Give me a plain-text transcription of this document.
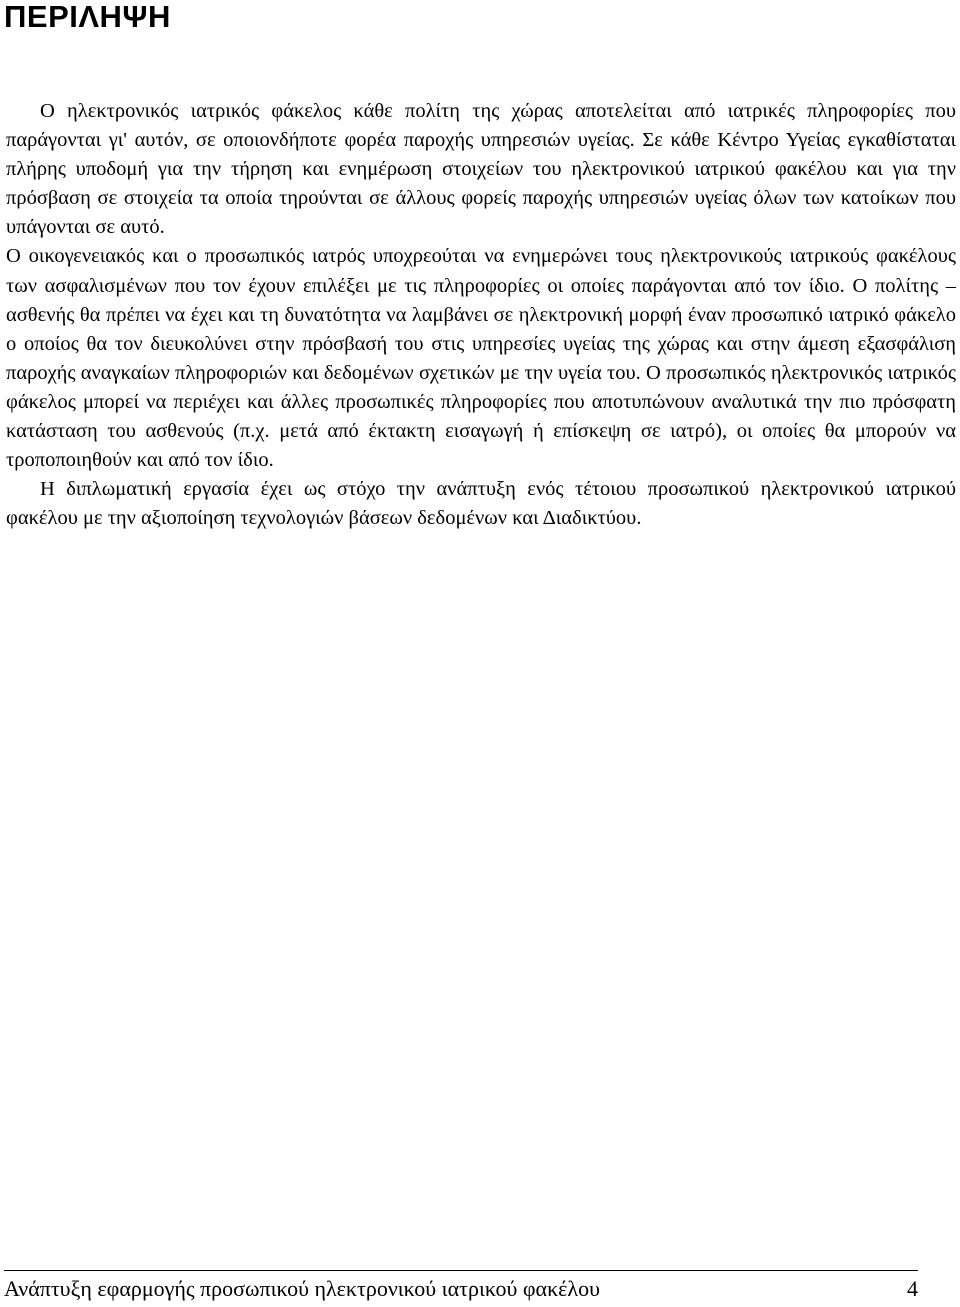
ΠΕΡΙΛΗΨΗ

Ο ηλεκτρονικός ιατρικός φάκελος κάθε πολίτη της χώρας αποτελείται από ιατρικές πληροφορίες που παράγονται γι' αυτόν, σε οποιονδήποτε φορέα παροχής υπηρεσιών υγείας. Σε κάθε Κέντρο Υγείας εγκαθίσταται πλήρης υποδομή για την τήρηση και ενημέρωση στοιχείων του ηλεκτρονικού ιατρικού φακέλου και για την πρόσβαση σε στοιχεία τα οποία τηρούνται σε άλλους φορείς παροχής υπηρεσιών υγείας όλων των κατοίκων που υπάγονται σε αυτό.

Ο οικογενειακός και ο προσωπικός ιατρός υποχρεούται να ενημερώνει τους ηλεκτρονικούς ιατρικούς φακέλους των ασφαλισμένων που τον έχουν επιλέξει με τις πληροφορίες οι οποίες παράγονται από τον ίδιο. Ο πολίτης – ασθενής θα πρέπει να έχει και τη δυνατότητα να λαμβάνει σε ηλεκτρονική μορφή έναν προσωπικό ιατρικό φάκελο ο οποίος θα τον διευκολύνει στην πρόσβασή του στις υπηρεσίες υγείας της χώρας και στην άμεση εξασφάλιση παροχής αναγκαίων πληροφοριών και δεδομένων σχετικών με την υγεία του. Ο προσωπικός ηλεκτρονικός ιατρικός φάκελος μπορεί να περιέχει και άλλες προσωπικές πληροφορίες που αποτυπώνουν αναλυτικά την πιο πρόσφατη κατάσταση του ασθενούς (π.χ. μετά από έκτακτη εισαγωγή ή επίσκεψη σε ιατρό), οι οποίες θα μπορούν να τροποποιηθούν και από τον ίδιο.

Η διπλωματική εργασία έχει ως στόχο την ανάπτυξη ενός τέτοιου προσωπικού ηλεκτρονικού ιατρικού φακέλου με την αξιοποίηση τεχνολογιών βάσεων δεδομένων και Διαδικτύου.

Ανάπτυξη εφαρμογής προσωπικού ηλεκτρονικού ιατρικού φακέλου	4
